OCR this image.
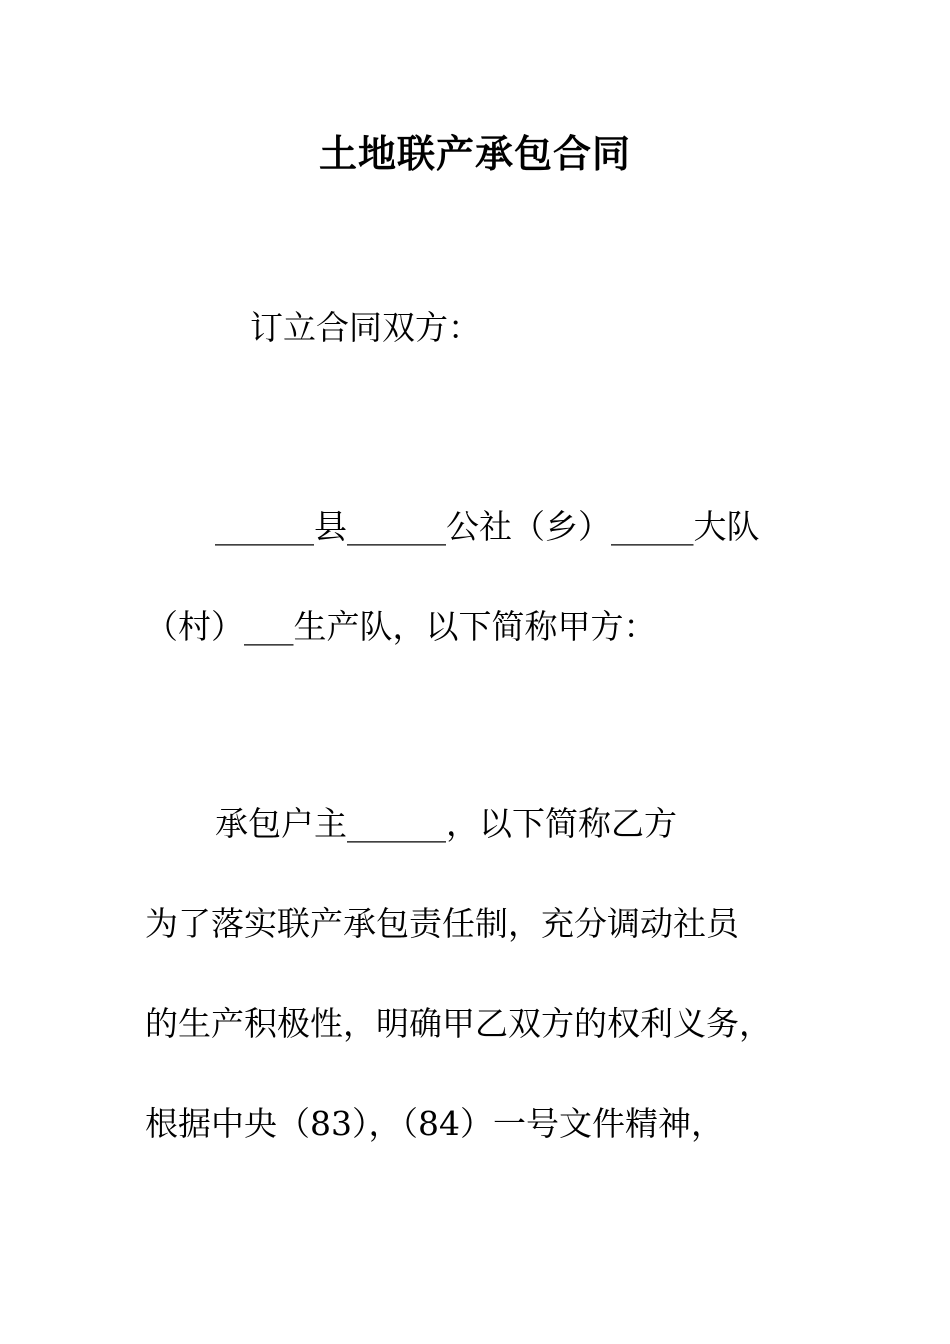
土地联产承包合同
订立合同双方：
______县______公社（乡）_____大队
（村）___生产队，以下简称甲方：
承包户主______，以下简称乙方
为了落实联产承包责任制，充分调动社员
的生产积极性，明确甲乙双方的权利义务，
根据中央（83），（84）一号文件精神，
